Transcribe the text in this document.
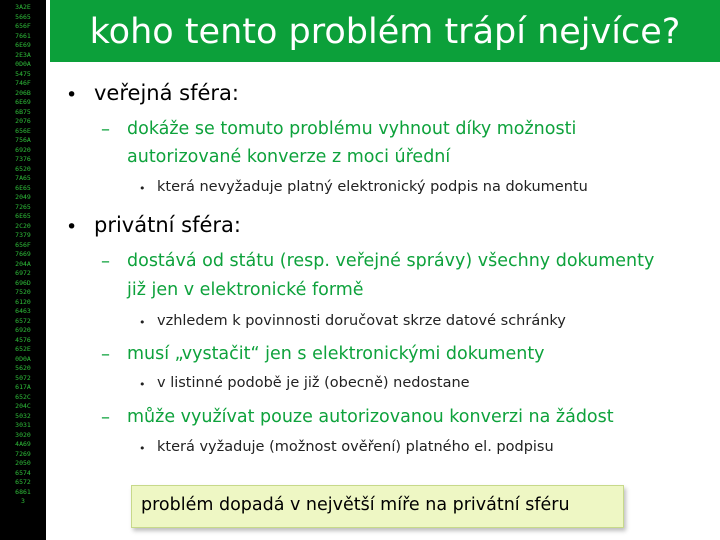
3A2E
5665
656F
7661
6E69
2E3A
0D0A
5475
746F
206B
6E69
6B75
2076
656E
756A
6920
7376
6520
7A65
6E65
2049
7265
6E65
2C20
7379
656F
7669
204A
6972
696D
7520
6120
6463
6572
6920
4576
652E
0D0A
5620
5072
617A
652C
204C
5032
3031
3020
4A69
7269
2050
6574
6572
6861
3
koho tento problém trápí nejvíce?
• veřejná sféra:
– dokáže se tomuto problému vyhnout díky možnosti
autorizované konverze z moci úřední
• která nevyžaduje platný elektronický podpis na dokumentu
• privátní sféra:
– dostává od státu (resp. veřejné správy) všechny dokumenty
již jen v elektronické formě
• vzhledem k povinnosti doručovat skrze datové schránky
– musí „vystačit“ jen s elektronickými dokumenty
• v listinné podobě je již (obecně) nedostane
– může využívat pouze autorizovanou konverzi na žádost
• která vyžaduje (možnost ověření) platného el. podpisu
problém dopadá v největší míře na privátní sféru
